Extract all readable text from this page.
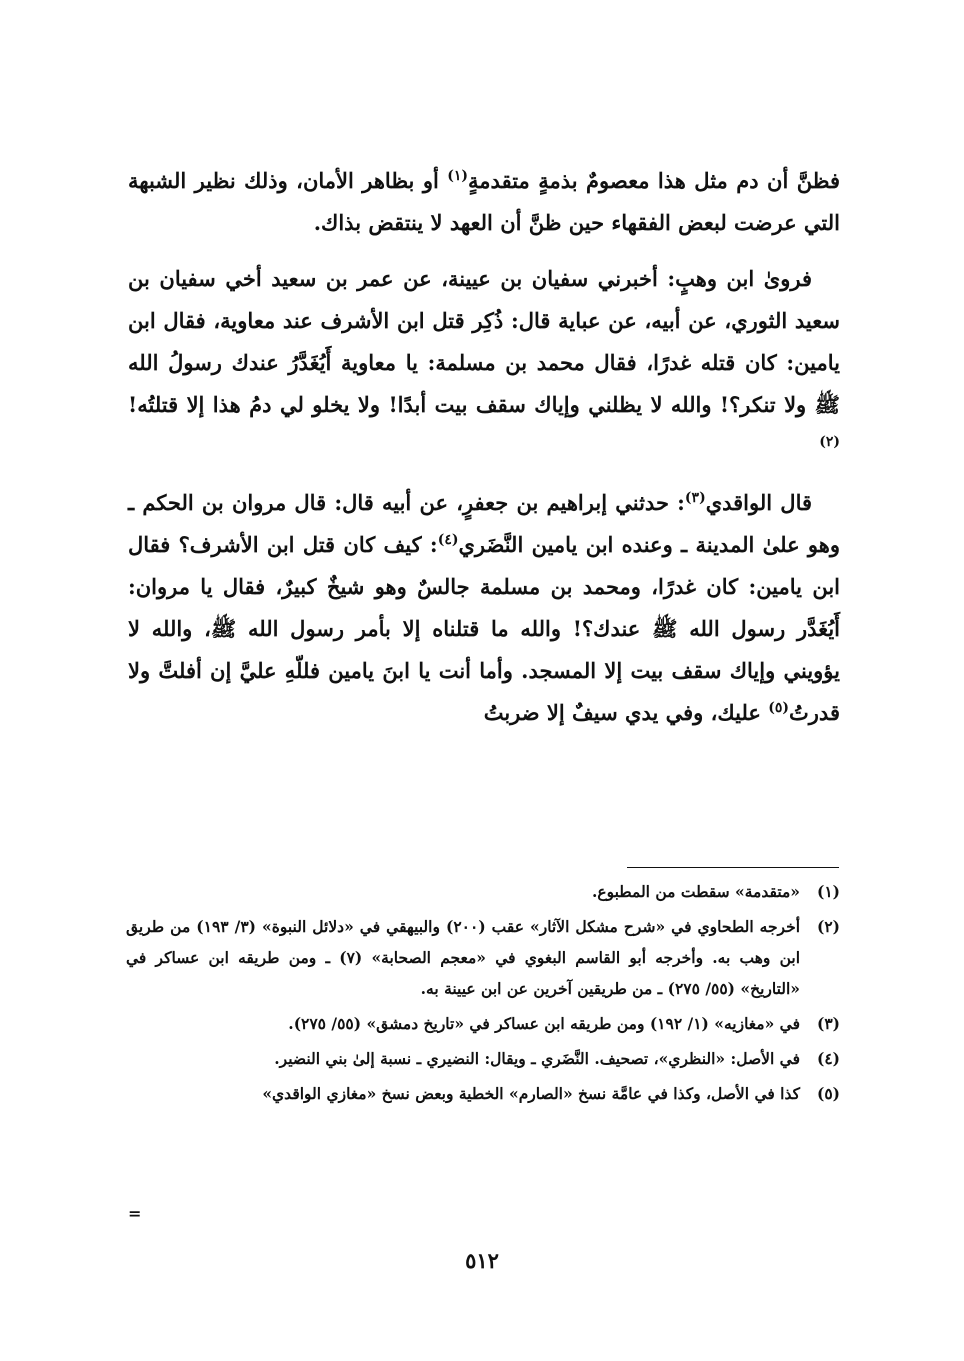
فظنَّ أن دم مثل هذا معصومٌ بذمةٍ متقدمةٍ$^{(١)}$ أو بظاهر الأمان، وذلك نظير الشبهة التي عرضت لبعض الفقهاء حين ظنَّ أن العهد لا ينتقض بذاك.

فروىٰ ابن وهبٍ: أخبرني سفيان بن عيينة، عن عمر بن سعيد أخي سفيان بن سعيد الثوري، عن أبيه، عن عباية قال: ذُكِر قتل ابن الأشرف عند معاوية، فقال ابن يامين: كان قتله غدرًا، فقال محمد بن مسلمة: يا معاوية أَيُغَدَّرُ عندك رسولُ الله ﷺ ولا تنكر؟! والله لا يظلني وإياك سقف بيت أبدًا! ولا يخلو لي دمُ هذا إلا قتلتُه!$^{(٢)}$

قال الواقدي$^{(٣)}$: حدثني إبراهيم بن جعفرٍ، عن أبيه قال: قال مروان بن الحكم ـ وهو علىٰ المدينة ـ وعنده ابن يامين النَّضَري$^{(٤)}$: كيف كان قتل ابن الأشرف؟ فقال ابن يامين: كان غدرًا، ومحمد بن مسلمة جالسٌ وهو شيخٌ كبيرٌ، فقال يا مروان: أَيُغَدَّر رسول الله ﷺ عندك؟! والله ما قتلناه إلا بأمر رسول الله ﷺ، والله لا يؤويني وإياك سقف بيت إلا المسجد. وأما أنت يا ابنَ يامين فللّهِ عليَّ إن أفلتَّ ولا قدرتُ$^{(٥)}$ عليك، وفي يدي سيفٌ إلا ضربتُ

(١)
«متقدمة» سقطت من المطبوع.
(٢)
أخرجه الطحاوي في «شرح مشكل الآثار» عقب (٢٠٠) والبيهقي في «دلائل النبوة» (٣/ ١٩٣) من طريق ابن وهب به. وأخرجه أبو القاسم البغوي في «معجم الصحابة» (٧) ـ ومن طريقه ابن عساكر في «التاريخ» (٥٥/ ٢٧٥) ـ من طريقين آخرين عن ابن عيينة به.
(٣)
في «مغازيه» (١/ ١٩٢) ومن طريقه ابن عساكر في «تاريخ دمشق» (٥٥/ ٢٧٥).
(٤)
في الأصل: «النظري»، تصحيف. النَّضَري ـ ويقال: النضيري ـ نسبة إلىٰ بني النضير.
(٥)
كذا في الأصل، وكذا في عامَّة نسخ «الصارم» الخطية وبعض نسخ «مغازي الواقدي»
=
٥١٢
